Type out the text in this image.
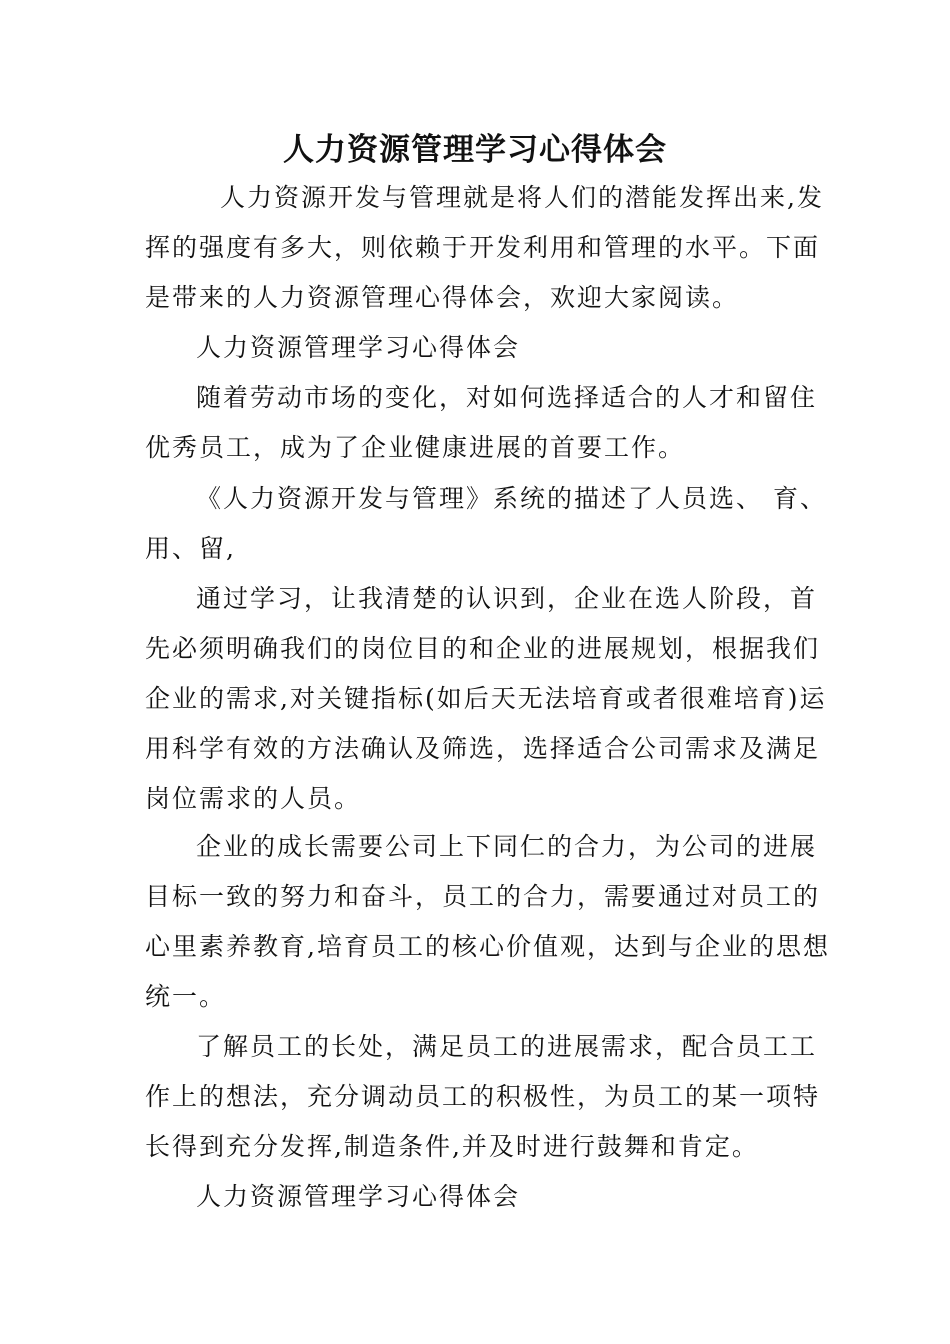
人力资源管理学习心得体会
人力资源开发与管理就是将人们的潜能发挥出来,发
挥的强度有多大，则依赖于开发利用和管理的水平。下面
是带来的人力资源管理心得体会，欢迎大家阅读。
人力资源管理学习心得体会
随着劳动市场的变化，对如何选择适合的人才和留住
优秀员工，成为了企业健康进展的首要工作。
《人力资源开发与管理》系统的描述了人员选、 育、
用、留,
通过学习，让我清楚的认识到，企业在选人阶段，首
先必须明确我们的岗位目的和企业的进展规划，根据我们
企业的需求,对关键指标(如后天无法培育或者很难培育)运
用科学有效的方法确认及筛选，选择适合公司需求及满足
岗位需求的人员。
企业的成长需要公司上下同仁的合力，为公司的进展
目标一致的努力和奋斗，员工的合力，需要通过对员工的
心里素养教育,培育员工的核心价值观，达到与企业的思想
统一。
了解员工的长处，满足员工的进展需求，配合员工工
作上的想法，充分调动员工的积极性，为员工的某一项特
长得到充分发挥,制造条件,并及时进行鼓舞和肯定。
人力资源管理学习心得体会
